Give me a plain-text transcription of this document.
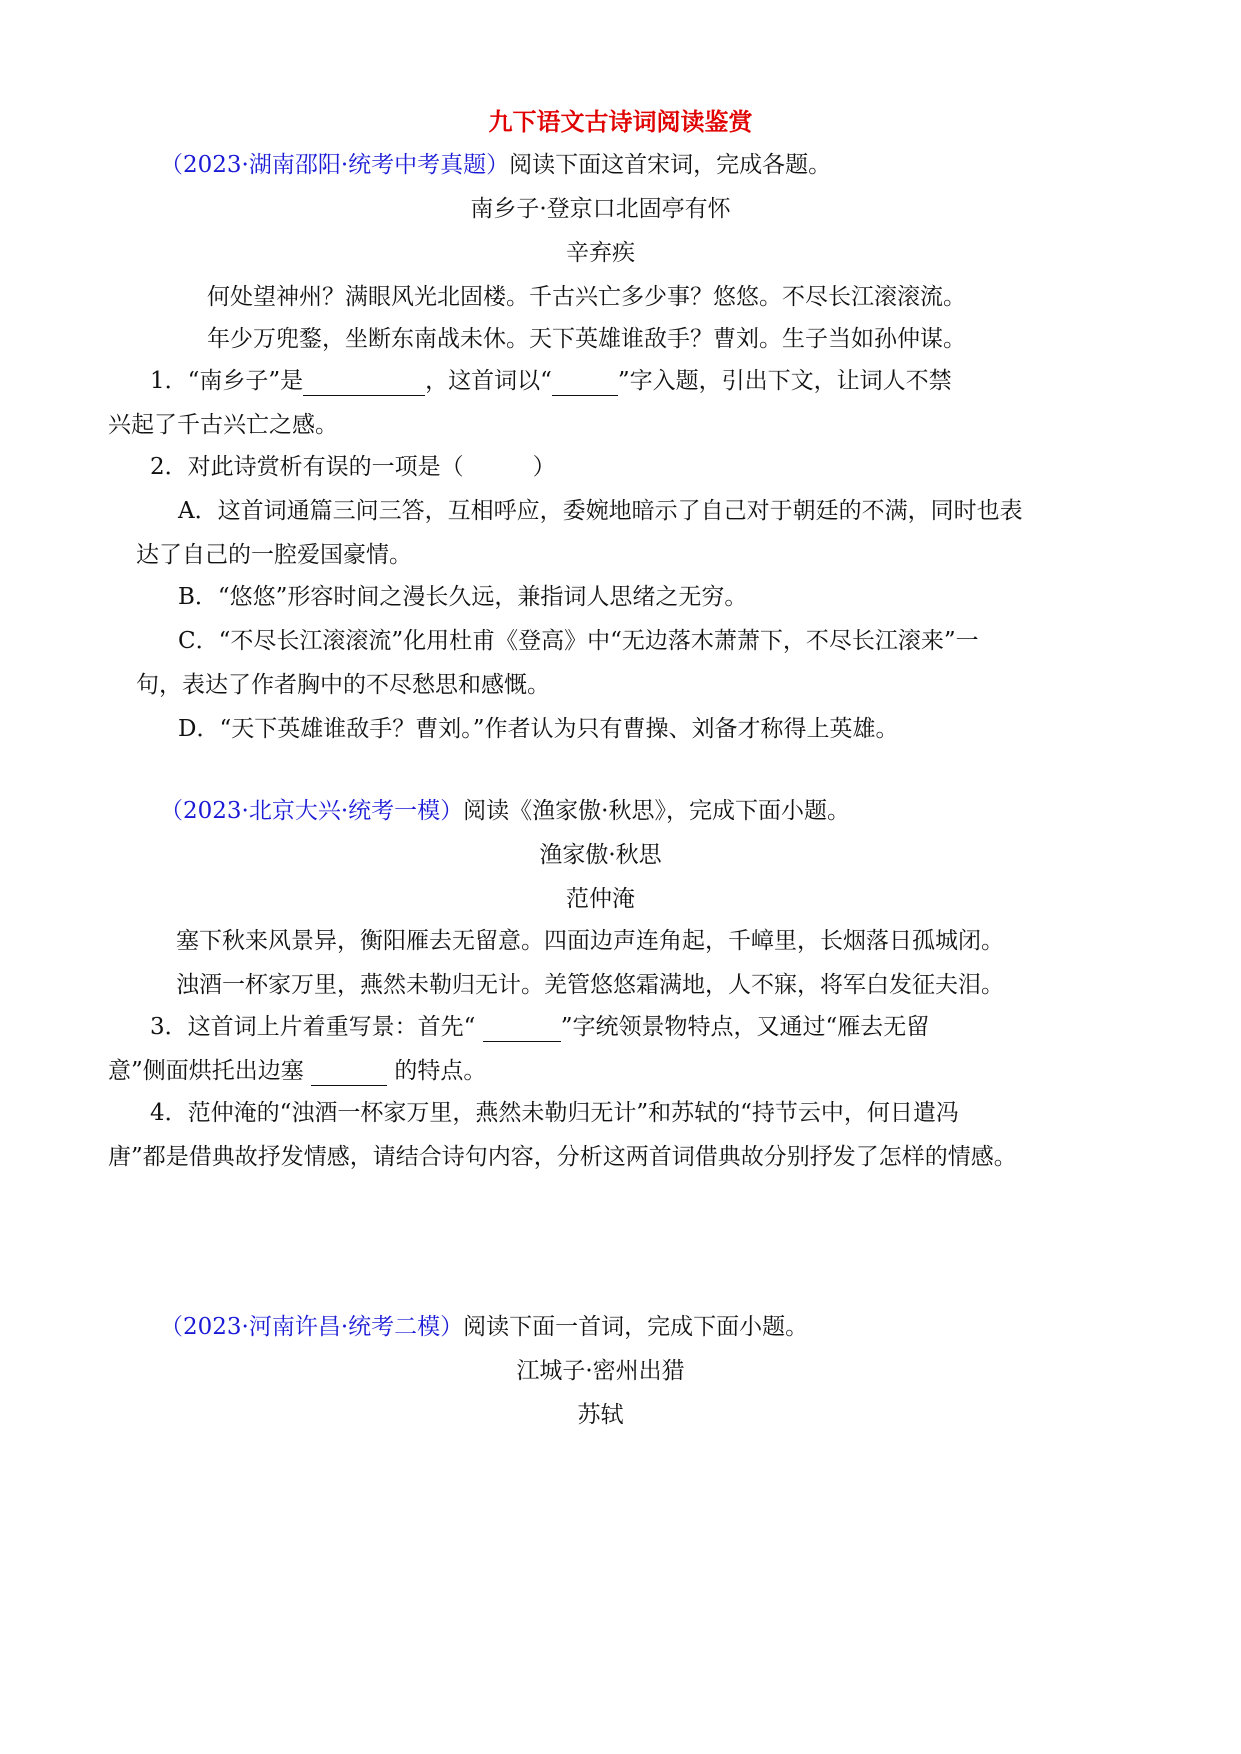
九下语文古诗词阅读鉴赏
（2023·湖南邵阳·统考中考真题）阅读下面这首宋词，完成各题。
南乡子·登京口北固亭有怀
辛弃疾
何处望神州？满眼风光北固楼。千古兴亡多少事？悠悠。不尽长江滚滚流。
年少万兜鍪，坐断东南战未休。天下英雄谁敌手？曹刘。生子当如孙仲谋。
1．“南乡子”是	，这首词以“	”字入题，引出下文，让词人不禁
兴起了千古兴亡之感。
2．对此诗赏析有误的一项是（　　　）
A．这首词通篇三问三答，互相呼应，委婉地暗示了自己对于朝廷的不满，同时也表
达了自己的一腔爱国豪情。
B．“悠悠”形容时间之漫长久远，兼指词人思绪之无穷。
C．“不尽长江滚滚流”化用杜甫《登高》中“无边落木萧萧下，不尽长江滚来”一
句，表达了作者胸中的不尽愁思和感慨。
D．“天下英雄谁敌手？曹刘。”作者认为只有曹操、刘备才称得上英雄。
（2023·北京大兴·统考一模）阅读《渔家傲·秋思》，完成下面小题。
渔家傲·秋思
范仲淹
塞下秋来风景异，衡阳雁去无留意。四面边声连角起，千嶂里，长烟落日孤城闭。
浊酒一杯家万里，燕然未勒归无计。羌管悠悠霜满地，人不寐，将军白发征夫泪。
3．这首词上片着重写景：首先“	”字统领景物特点，又通过“雁去无留
意”侧面烘托出边塞	的特点。
4．范仲淹的“浊酒一杯家万里，燕然未勒归无计”和苏轼的“持节云中，何日遣冯
唐”都是借典故抒发情感，请结合诗句内容，分析这两首词借典故分别抒发了怎样的情感。
（2023·河南许昌·统考二模）阅读下面一首词，完成下面小题。
江城子·密州出猎
苏轼
